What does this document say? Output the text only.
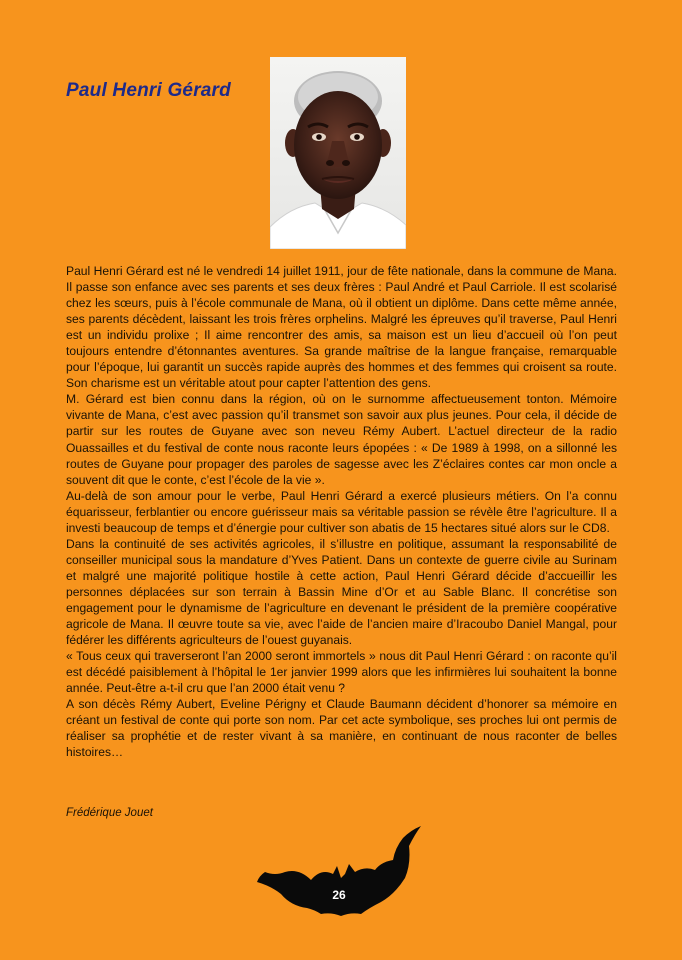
Paul Henri Gérard

Paul Henri Gérard est né le vendredi 14 juillet 1911, jour de fête nationale, dans la commune de Mana. Il passe son enfance avec ses parents et ses deux frères : Paul André et Paul Carriole. Il est scolarisé chez les sœurs, puis à l’école communale de Mana, où il obtient un diplôme. Dans cette même année, ses parents décèdent, laissant les trois frères orphelins. Malgré les épreuves qu’il traverse, Paul Henri est un individu prolixe ; Il aime rencontrer des amis, sa maison est un lieu d’accueil où l’on peut toujours entendre d’étonnantes aventures. Sa grande maîtrise de la langue française, remarquable pour l’époque, lui garantit un succès rapide auprès des hommes et des femmes qui croisent sa route. Son charisme est un véritable atout pour capter l’attention des gens.

M. Gérard est bien connu dans la région, où on le surnomme affectueusement tonton. Mémoire vivante de Mana, c’est avec passion qu’il transmet son savoir aux plus jeunes. Pour cela, il décide de partir sur les routes de Guyane avec son neveu Rémy Aubert. L’actuel directeur de la radio Ouassailles et du festival de conte nous raconte leurs épopées : « De 1989 à 1998, on a sillonné les routes de Guyane pour propager des paroles de sagesse avec les Z’éclaires contes car mon oncle a souvent dit que le conte, c’est l’école de la vie ».

Au-delà de son amour pour le verbe, Paul Henri Gérard a exercé plusieurs métiers. On l’a connu équarisseur, ferblantier ou encore guérisseur mais sa véritable passion se révèle être l’agriculture. Il a investi beaucoup de temps et d’énergie pour cultiver son abatis de 15 hectares situé alors sur le CD8.

Dans la continuité de ses activités agricoles, il s’illustre en politique, assumant la responsabilité de conseiller municipal sous la mandature d’Yves Patient. Dans un contexte de guerre civile au Surinam et malgré une majorité politique hostile à cette action, Paul Henri Gérard décide d’accueillir les personnes déplacées sur son terrain à Bassin Mine d’Or et au Sable Blanc. Il concrétise son engagement pour le dynamisme de l’agriculture en devenant le président de la première coopérative agricole de Mana. Il œuvre toute sa vie, avec l’aide de l’ancien maire d’Iracoubo Daniel Mangal, pour fédérer les différents agriculteurs de l’ouest guyanais.

« Tous ceux qui traverseront l’an 2000 seront immortels » nous dit Paul Henri Gérard : on raconte qu’il est décédé paisiblement à l’hôpital le 1er janvier 1999 alors que les infirmières lui souhaitent la bonne année. Peut-être a-t-il cru que l’an 2000 était venu ?

A son décès Rémy Aubert, Eveline Périgny et Claude Baumann décident d’honorer sa mémoire en créant un festival de conte qui porte son nom. Par cet acte symbolique, ses proches lui ont permis de réaliser sa prophétie et de rester vivant à sa manière, en continuant de nous raconter de belles histoires…

Frédérique Jouet
26
